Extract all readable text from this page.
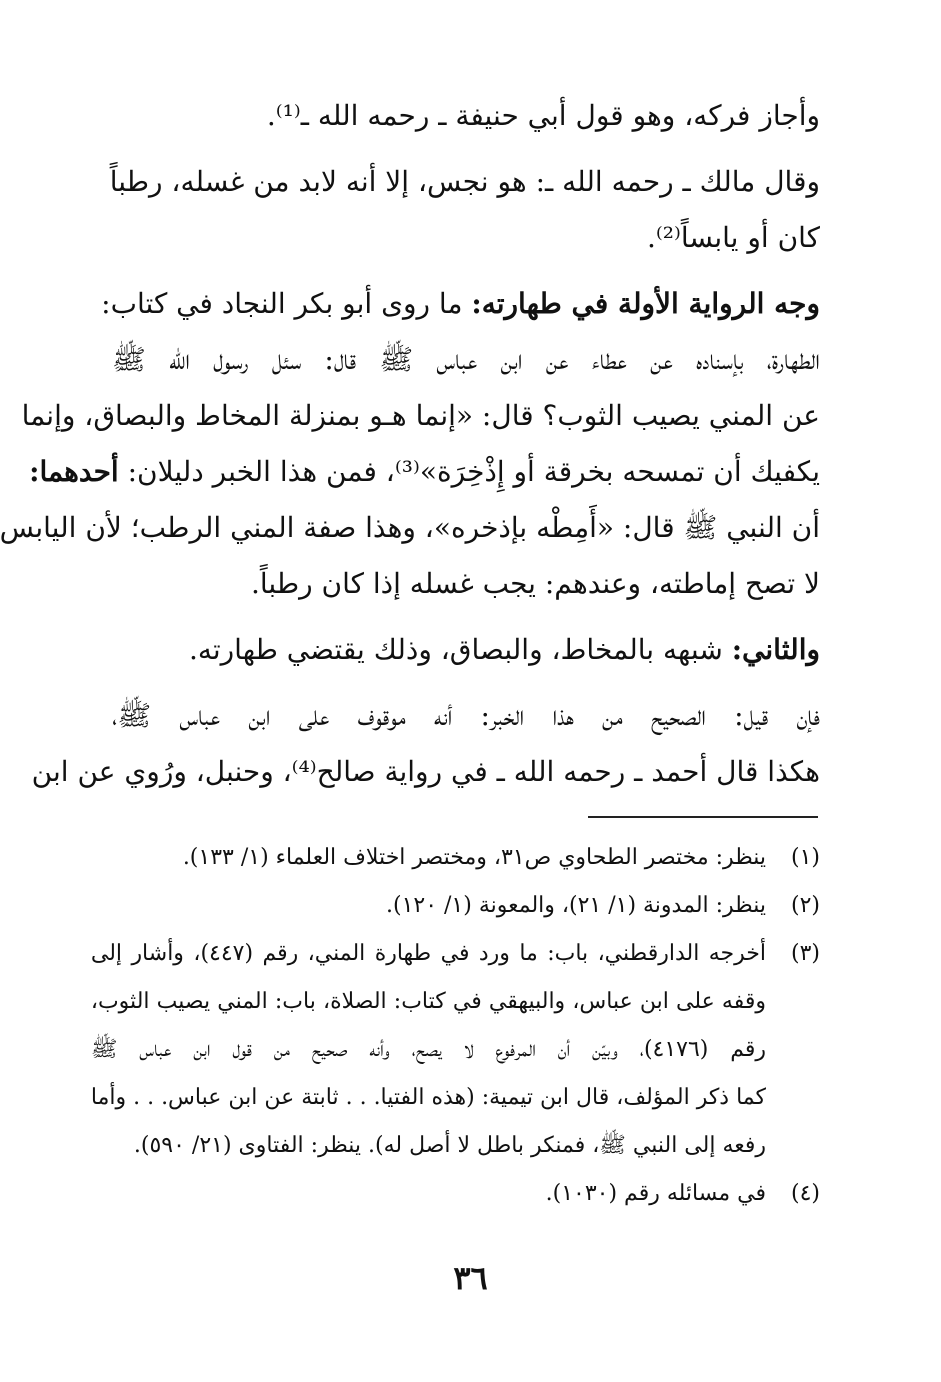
وأجاز فركه، وهو قول أبي حنيفة ـ رحمه الله ـ⁽¹⁾.
وقال مالك ـ رحمه الله ـ: هو نجس، إلا أنه لابد من غسله، رطباً
كان أو يابساً⁽²⁾.
وجه الرواية الأولة في طهارته: ما روى أبو بكر النجاد في كتاب:
الطهارة، بإسناده عن عطاء عن ابن عباس ﷺ قال: سئل رسول الله ﷺ
عن المني يصيب الثوب؟ قال: «إنما هـو بمنزلة المخاط والبصاق، وإنما
يكفيك أن تمسحه بخرقة أو إِذْخِرَة»⁽³⁾، فمن هذا الخبر دليلان: أحدهما:
أن النبي ﷺ قال: «أَمِطْه بإذخره»، وهذا صفة المني الرطب؛ لأن اليابس
لا تصح إماطته، وعندهم: يجب غسله إذا كان رطباً.
والثاني: شبهه بالمخاط، والبصاق، وذلك يقتضي طهارته.
فإن قيل: الصحيح من هذا الخبر: أنه موقوف على ابن عباس ﷺ،
هكذا قال أحمد ـ رحمه الله ـ في رواية صالح⁽⁴⁾، وحنبل، ورُوي عن ابن
(١)
ينظر: مختصر الطحاوي ص٣١، ومختصر اختلاف العلماء (١/ ١٣٣).
(٢)
ينظر: المدونة (١/ ٢١)، والمعونة (١/ ١٢٠).
(٣)
أخرجه الدارقطني، باب: ما ورد في طهارة المني، رقم (٤٤٧)، وأشار إلى
وقفه على ابن عباس، والبيهقي في كتاب: الصلاة، باب: المني يصيب الثوب،
رقم (٤١٧٦)، وبيّن أن المرفوع لا يصح، وأنه صحيح من قول ابن عباس ﷺ
كما ذكر المؤلف، قال ابن تيمية: (هذه الفتيا. . . ثابتة عن ابن عباس. . . وأما
رفعه إلى النبي ﷺ، فمنكر باطل لا أصل له). ينظر: الفتاوى (٢١/ ٥٩٠).
(٤)
في مسائله رقم (١٠٣٠).
٣٦
